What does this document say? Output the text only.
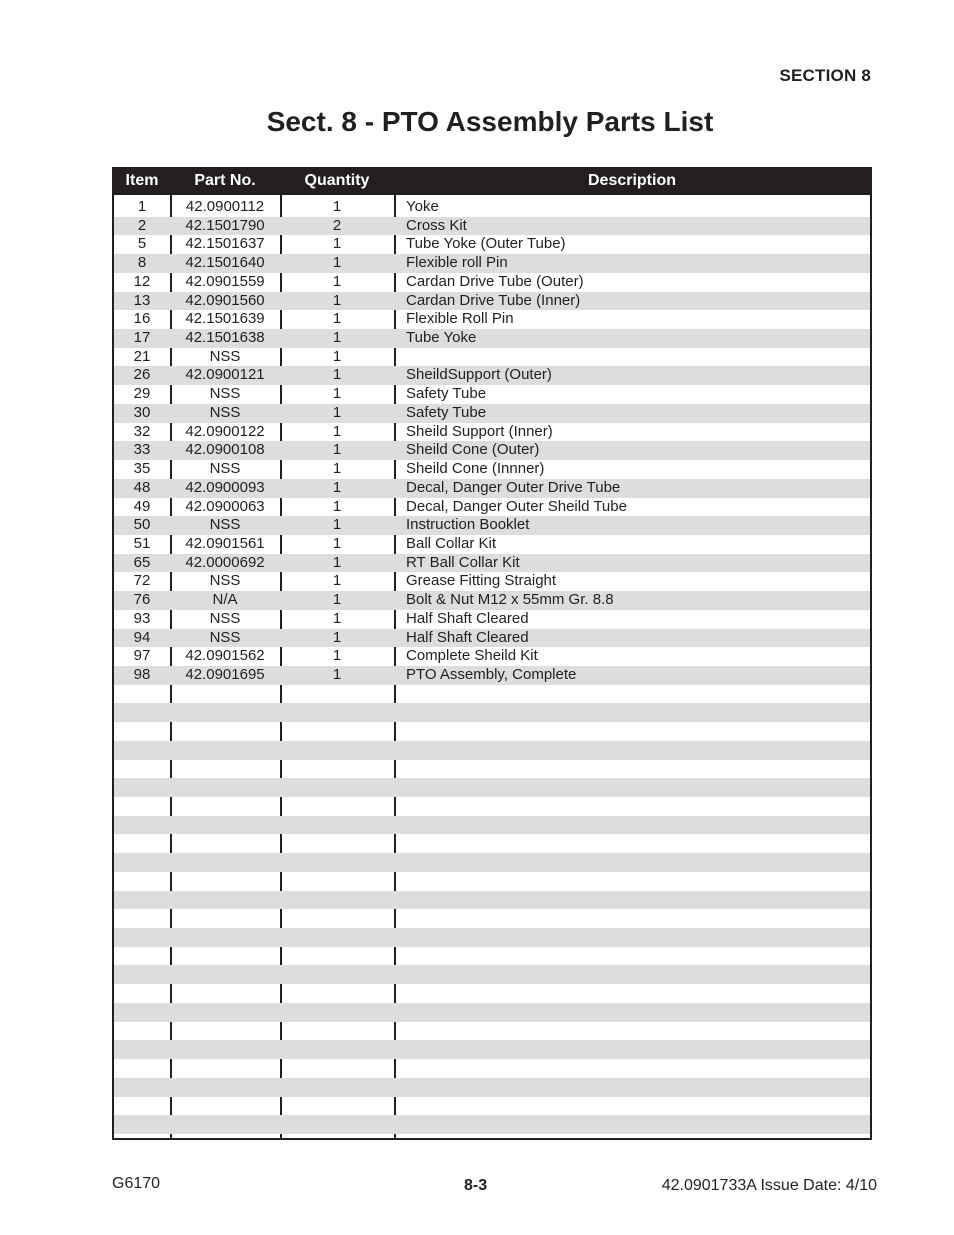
SECTION 8
Sect. 8 - PTO Assembly Parts List
Item	Part No.	Quantity	Description
1	42.0900112	1	Yoke
2	42.1501790	2	Cross Kit
5	42.1501637	1	Tube Yoke (Outer Tube)
8	42.1501640	1	Flexible roll Pin
12	42.0901559	1	Cardan Drive Tube (Outer)
13	42.0901560	1	Cardan Drive Tube (Inner)
16	42.1501639	1	Flexible Roll Pin
17	42.1501638	1	Tube Yoke
21	NSS	1
26	42.0900121	1	SheildSupport (Outer)
29	NSS	1	Safety Tube
30	NSS	1	Safety Tube
32	42.0900122	1	Sheild Support (Inner)
33	42.0900108	1	Sheild Cone (Outer)
35	NSS	1	Sheild Cone (Innner)
48	42.0900093	1	Decal, Danger Outer Drive Tube
49	42.0900063	1	Decal, Danger Outer Sheild Tube
50	NSS	1	Instruction Booklet
51	42.0901561	1	Ball Collar Kit
65	42.0000692	1	RT Ball Collar Kit
72	NSS	1	Grease Fitting Straight
76	N/A	1	Bolt & Nut M12 x 55mm Gr. 8.8
93	NSS	1	Half Shaft Cleared
94	NSS	1	Half Shaft Cleared
97	42.0901562	1	Complete Sheild Kit
98	42.0901695	1	PTO Assembly, Complete
G6170	8-3	42.0901733A Issue Date: 4/10
